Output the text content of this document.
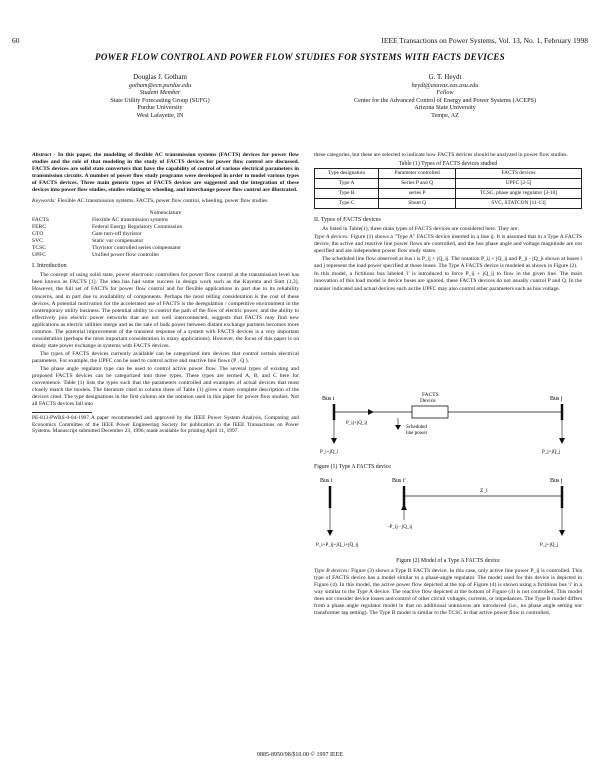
60	IEEE Transactions on Power Systems, Vol. 13, No. 1, February 1998
POWER FLOW CONTROL AND POWER FLOW STUDIES FOR SYSTEMS WITH FACTS DEVICES
Douglas J. Gotham
gotham@ecn.purdue.edu
Student Member
State Utility Forecasting Group (SUFG)
Purdue University
West Lafayette, IN
G. T. Heydt
heydt@asuvax.eas.asu.edu
Fellow
Center for the Advanced Control of Energy and Power Systems (ACEPS)
Arizona State University
Tempe, AZ

Abstract - In this paper, the modeling of flexible AC transmission systems (FACTS) devices for power flow studies and the role of that modeling in the study of FACTS devices for power flow control are discussed. FACTS devices are solid state converters that have the capability of control of various electrical parameters in transmission circuits. A number of power flow study programs were developed in order to model various types of FACTS devices. Three main generic types of FACTS devices are suggested and the integration of these devices into power flow studies, studies relating to wheeling, and interchange power flow control are illustrated.

Keywords: Flexible AC transmission systems, FACTS, power flow control, wheeling, power flow studies

Nomenclature
FACTS	Flexible AC transmission systems
FERC	Federal Energy Regulatory Commission
GTO	Gate turn-off thyristor
SVC	Static var compensator
TCSC	Thyristor controlled series compensator
UPFC	Unified power flow controller
I. Introduction

The concept of using solid state, power electronic controllers for power flow control at the transmission level has been known as FACTS [1]. The idea has had some success in design work such as the Kayenta and Slatt (1,3]. However, the full set of FACTS for power flow control and for flexible applications in part due to its reliability concerns, and in part due to availability of components. Perhaps the most telling consideration is the cost of these devices. A potential motivation for the accelerated use of FACTS is the deregulation / competitive environment in the contemporary utility business. The potential ability to control the path of the flow of electric power, and the ability to effectively join electric power networks that are not well interconnected, suggests that FACTS may find new applications as electric utilities merge and as the sale of bulk power between distant exchange partners becomes more common. The potential improvement of the transient response of a system with FACTS devices is a very important consideration (perhaps the most important consideration in many applications). However, the focus of this paper is on steady state power exchange in systems with FACTS devices.

The types of FACTS devices currently available can be categorized into devices that control certain electrical parameters. For example, the UPFC can be used to control active and reactive line flows (P , Q ).

The phase angle regulator type can be used to control active power flow. The several types of existing and proposed FACTS devices can be categorized into three types. These types are termed A, B, and C here for convenience. Table (1) lists the types such that the parameters controlled and examples of actual devices that most closely match the models. The literature cited in column three of Table (1) gives a more complete description of the devices cited. The type designations in the first column are the notation used in this paper for power flow studies. Not all FACTS devices fall into

PE-813-PWRS-0-04-1997 A paper recommended and approved by the IEEE Power System Analysis, Computing and Economics Committee of the IEEE Power Engineering Society for publication in the IEEE Transactions on Power Systems. Manuscript submitted December 23, 1996; made available for printing April 11, 1997.

these categories, but these are selected to indicate how FACTS devices should be analyzed in power flow studies.

Table (1) Types of FACTS devices studied
Type designation	Parameter controlled	FACTS devices
Type A	Series P and Q	UPFC [2-5]
Type B	series P	TCSC, phase angle regulator [3-10]
Type C	Shunt Q	SVC, STATCON [11-13]
II. Types of FACTS devices

As listed in Table(1), three main types of FACTS devices are considered here. They are:

Type A devices: Figure (1) shows a "Type A" FACTS device inserted in a line ij. It is assumed that in a Type A FACTS device, the active and reactive line power flows are controlled, and the bus phase angle and voltage magnitude are not specified and are independent power flow study states.

The scheduled line flow observed at bus i is P_ij + jQ_ij. The notation P_ij + jQ_ij and P_ji - jQ_ji shown at buses i and j represent the load power specified at those buses. The Type A FACTS device is modeled as shown in Figure (2).

In this model, a fictitious bus labeled 'i' is introduced to force P_ij + jQ_ij to flow in the given line. The main innovation of this load model is device buses are ignored, these FACTS devices do not usually control P and Q. In the manner indicated and actual devices such as the UPFC may also control other parameters such as bus voltage.

Bus i	Bus j
FACTS
Device
Scheduled
line power
P_ij+jQ_ij
P_i+jQ_i	P_j+jQ_j
Figure (1) Type A FACTS device
Bus i	Bus i'	Bus j
Z_l
-P_ij - jQ_ij
P_i+P_ij+jQ_i+jQ_ij	P_j+jQ_j
Figure (2) Model of a Type A FACTS device

Type B devices: Figure (3) shows a Type B FACTS device. In this case, only active line power P_ij is controlled. This type of FACTS device has a model similar to a phase-angle regulator. The model used for this device is depicted in Figure (4). In this model, the active power flow depicted at the top of Figure (4) is shown using a fictitious bus 'i' in a way similar to the Type A device. The reactive flow depicted at the bottom of Figure (4) is not controlled. This model does not consider device losses and control of other circuit voltages, currents, or impedances. The Type B model differs from a phase angle regulator model in that no additional unknowns are introduced (i.e., no phase angle setting nor transformer tap setting). The Type B model is similar to the TCSC in that active power flow is controlled,

0885-8950/98/$10.00 © 1997 IEEE
